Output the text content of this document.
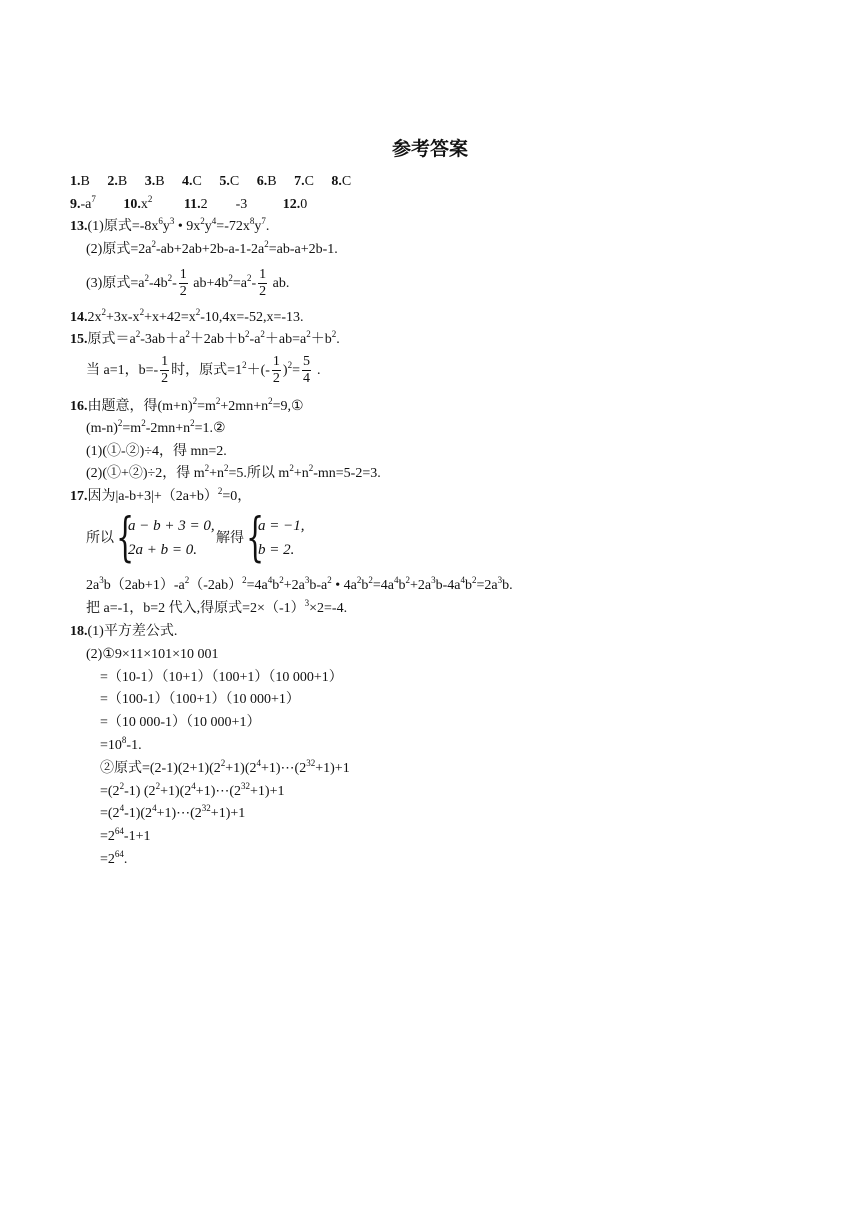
参考答案
1.B 2.B 3.B 4.C 5.C 6.B 7.C 8.C
$9.-a^7$ $10.x^2$ 11.2 -3	12.0
13.(1)原式$=-8x^6y^3$ • $9x^2y^4=-72x^8y^7$.
(2)原式$=2a^2-ab+2ab+2b-a-1-2a^2=ab-a+2b-1$.
(3)原式$=a^2-4b^2- \frac{1}{2} ab+4b^2=a^2- \frac{1}{2}$ ab.
$14.2x^2+3x-x^2+x+42=x^2-10,4x=-52,x=-13$.
15.原式$=a^2-3ab+a^2+2ab+b^2-a^2+ab=a^2+b^2$.
当 a=1，$b=- \frac{1}{2}$ 时，原式$=1^2+(- \frac{1}{2} )^2= \frac{5}{4}$ .
16.由题意，得$(m+n)^2=m^2+2mn+n^2=9,①$
$(m-n)^2=m^2-2mn+n^2=1.②$
(1)(①-②)÷4，得 mn=2.
(2)(①+②)÷2，得 $m^2+n^2=5$.所以 $m^2+n^2-mn=5-2=3$.
17.因为$|a-b+3|+(2a+b)^2=0$，
所以 {
a − b + 3 = 0,
2a + b = 0.
解得 {
a = −1,
b = 2.
$2a^3b(2ab+1)-a^2(-2ab)^2=4a^4b^2+2a^3b-a^2$ • $4a^2b^2=4a^4b^2+2a^3b-4a^4b^2=2a^3b$.
把 a=-1，b=2 代入,得原式$=2\times(-1)^3\times 2=-4$.
18.(1)平方差公式.
(2)①9×11×101×10 001
=（10-1）（10+1）（100+1）（10 000+1）
=（100-1）（100+1）（10 000+1）
=（10 000-1）（10 000+1）
$=10^8-1$.
②原式$=(2-1)(2+1)(2^2+1)(2^4+1)\cdots(2^{32}+1)+1$
$=(2^2-1)$ $(2^2+1)(2^4+1)\cdots(2^{32}+1)+1$
$=(2^4-1)(2^4+1)\cdots(2^{32}+1)+1$
$=2^{64}-1+1$
$=2^{64}$.
